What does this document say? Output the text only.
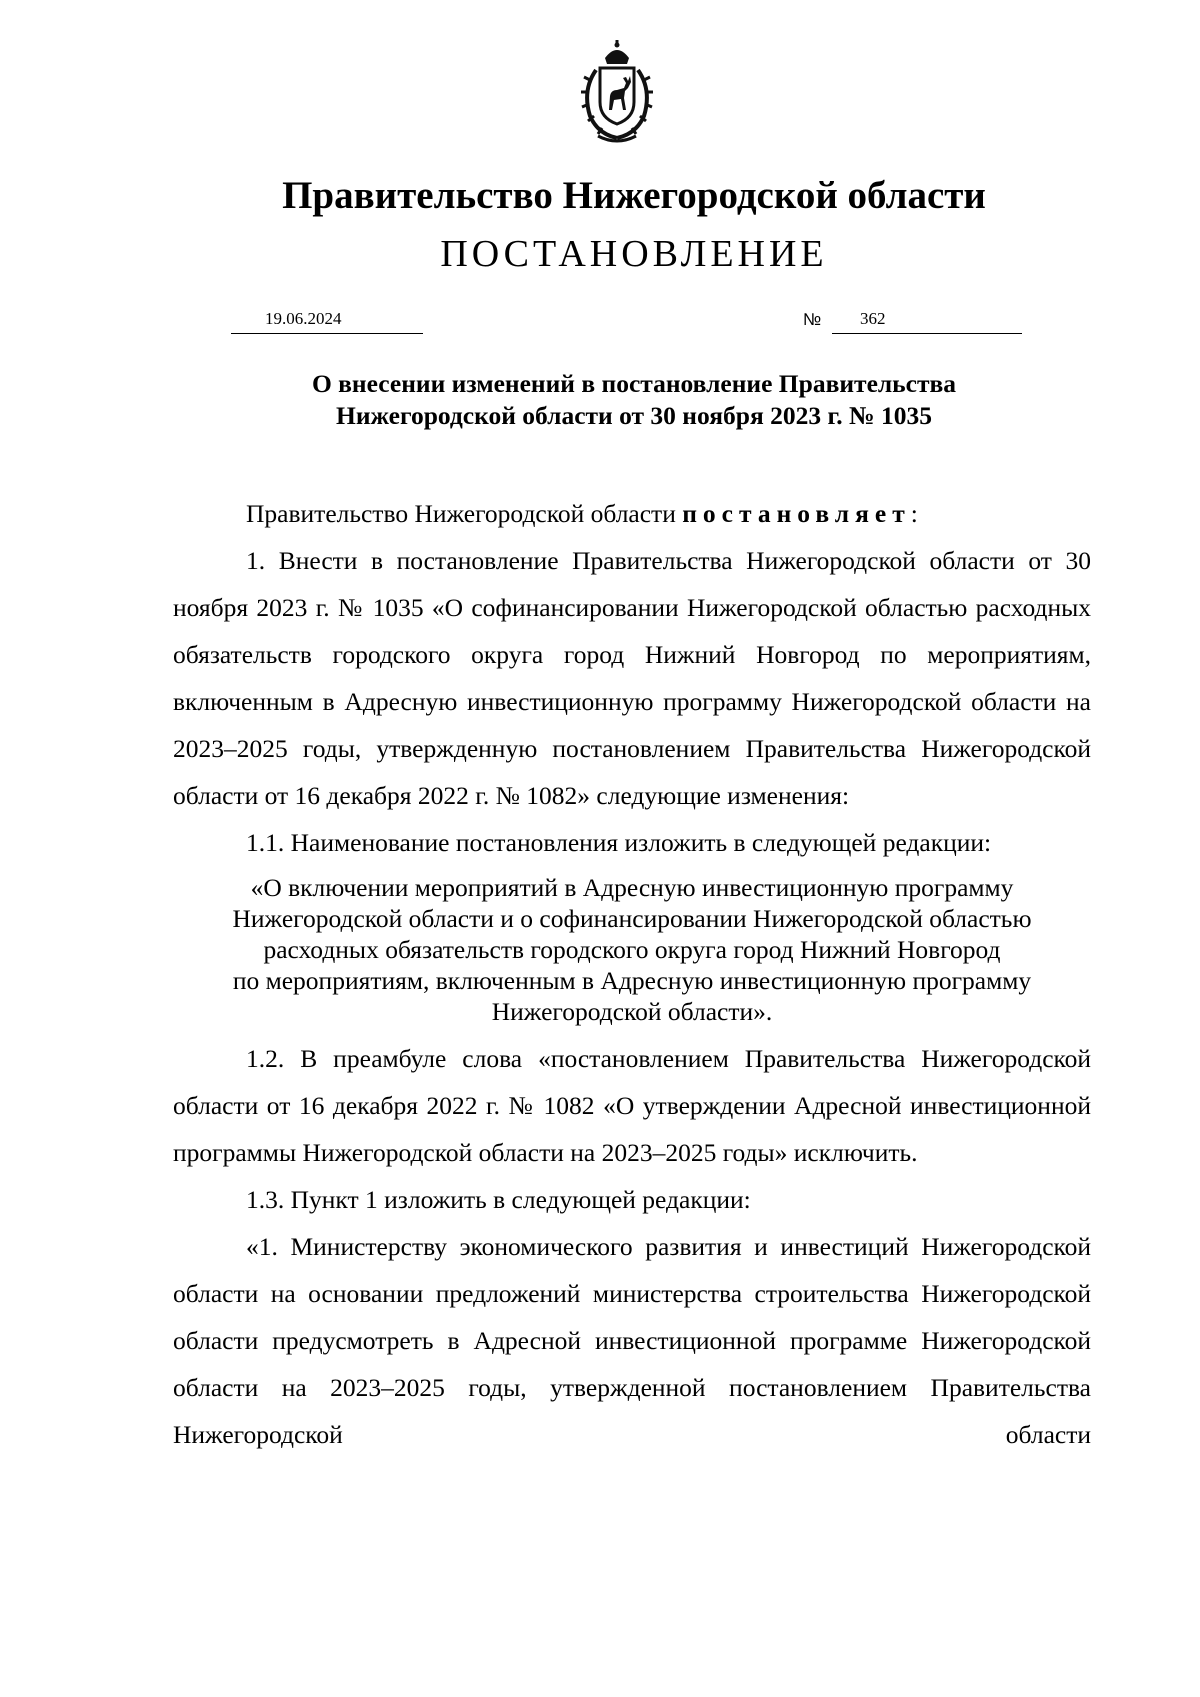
Правительство Нижегородской области
ПОСТАНОВЛЕНИЕ
19.06.2024	№ 362
О внесении изменений в постановление Правительства
Нижегородской области от 30 ноября 2023 г. № 1035

Правительство Нижегородской области постановляет:

1. Внести в постановление Правительства Нижегородской области от 30 ноября 2023 г. № 1035 «О софинансировании Нижегородской областью расходных обязательств городского округа город Нижний Новгород по мероприятиям, включенным в Адресную инвестиционную программу Нижегородской области на 2023–2025 годы, утвержденную постановлением Правительства Нижегородской области от 16 декабря 2022 г. № 1082» следующие изменения:

1.1. Наименование постановления изложить в следующей редакции:

«О включении мероприятий в Адресную инвестиционную программу
Нижегородской области и о софинансировании Нижегородской областью
расходных обязательств городского округа город Нижний Новгород
по мероприятиям, включенным в Адресную инвестиционную программу
Нижегородской области».

1.2. В преамбуле слова «постановлением Правительства Нижегородской области от 16 декабря 2022 г. № 1082 «О утверждении Адресной инвестиционной программы Нижегородской области на 2023–2025 годы» исключить.

1.3. Пункт 1 изложить в следующей редакции:

«1. Министерству экономического развития и инвестиций Нижегородской области на основании предложений министерства строительства Нижегородской области предусмотреть в Адресной инвестиционной программе Нижегородской области на 2023–2025 годы, утвержденной постановлением Правительства Нижегородской области
